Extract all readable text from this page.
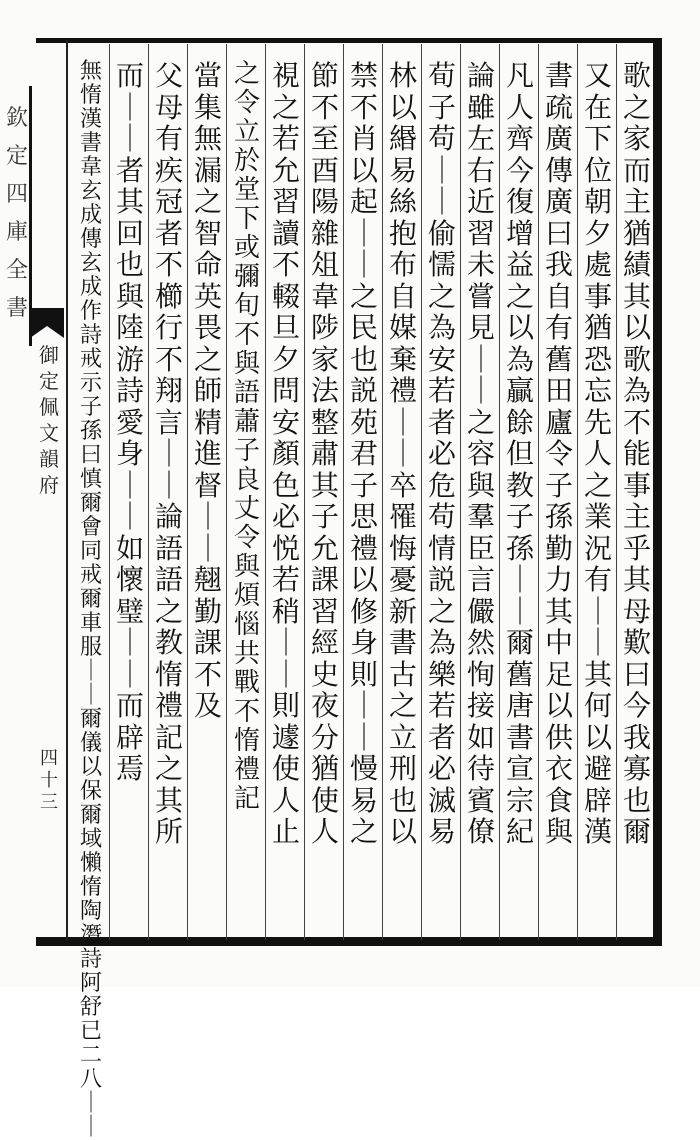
欽
定
四
庫
全
書
御
定
佩
文
韻
府
四
十
三
歌
之
家
而
主
猶
績
其
以
歌
為
不
能
事
主
乎
其
母
歎
曰
今
我
寡
也
爾
又
在
下
位
朝
夕
處
事
猶
恐
忘
先
人
之
業
況
有
｜
｜
其
何
以
避
辟
漢
書
疏
廣
傳
廣
曰
我
自
有
舊
田
廬
令
子
孫
勤
力
其
中
足
以
供
衣
食
與
凡
人
齊
今
復
增
益
之
以
為
贏
餘
但
教
子
孫
｜
｜
爾
舊
唐
書
宣
宗
紀
論
雖
左
右
近
習
未
嘗
見
｜
｜
之
容
與
羣
臣
言
儼
然
恂
接
如
待
賓
僚
荀
子
苟
｜
｜
偷
懦
之
為
安
若
者
必
危
苟
情
説
之
為
樂
若
者
必
滅
易
林
以
緡
易
絲
抱
布
自
媒
棄
禮
｜
｜
卒
罹
悔
憂
新
書
古
之
立
刑
也
以
禁
不
肖
以
起
｜
｜
之
民
也
説
苑
君
子
思
禮
以
修
身
則
｜
｜
慢
易
之
節
不
至
酉
陽
雜
俎
韋
陟
家
法
整
肅
其
子
允
課
習
經
史
夜
分
猶
使
人
視
之
若
允
習
讀
不
輟
旦
夕
問
安
顏
色
必
悦
若
稍
｜
｜
則
遽
使
人
止
之
令
立
於
堂
下
或
彌
旬
不
與
語
蕭
子
良
丈
令
與
煩
惱
共
戰
不
惰
禮
記
當
集
無
漏
之
智
命
英
畏
之
師
精
進
督
｜
｜
翹
勤
課
不
及
父
母
有
疾
冠
者
不
櫛
行
不
翔
言
｜
｜
論
語
語
之
教
惰
禮
記
之
其
所
而
｜
｜
者
其
回
也
與
陸
游
詩
愛
身
｜
｜
如
懷
璧
｜
｜
而
辟
焉
無
惰
漢
書
韋
玄
成
傳
玄
成
作
詩
戒
示
子
孫
曰
慎
爾
會
同
戒
爾
車
服
｜
｜
爾
儀
以
保
爾
域
懶
惰
陶
潛
詩
阿
舒
已
二
八
｜
｜
